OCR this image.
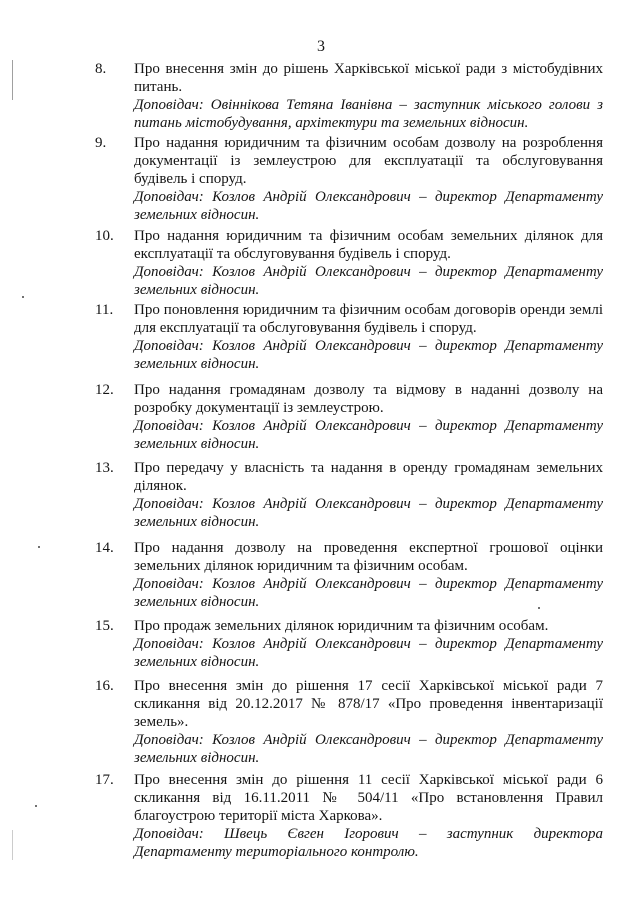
3
8.	Про внесення змін до рішень Харківської міської ради з містобудівних питань.
Доповідач: Овіннікова Тетяна Іванівна – заступник міського голови з питань містобудування, архітектури та земельних відносин.
9.	Про надання юридичним та фізичним особам дозволу на розроблення документації із землеустрою для експлуатації та обслуговування будівель і споруд.
Доповідач: Козлов Андрій Олександрович – директор Департаменту земельних відносин.
10.	Про надання юридичним та фізичним особам земельних ділянок для експлуатації та обслуговування будівель і споруд.
Доповідач: Козлов Андрій Олександрович – директор Департаменту земельних відносин.
11.	Про поновлення юридичним та фізичним особам договорів оренди землі для експлуатації та обслуговування будівель і споруд.
Доповідач: Козлов Андрій Олександрович – директор Департаменту земельних відносин.
12.	Про надання громадянам дозволу та відмову в наданні дозволу на розробку документації із землеустрою.
Доповідач: Козлов Андрій Олександрович – директор Департаменту земельних відносин.
13.	Про передачу у власність та надання в оренду громадянам земельних ділянок.
Доповідач: Козлов Андрій Олександрович – директор Департаменту земельних відносин.
14.	Про надання дозволу на проведення експертної грошової оцінки земельних ділянок юридичним та фізичним особам.
Доповідач: Козлов Андрій Олександрович – директор Департаменту земельних відносин.
15.	Про продаж земельних ділянок юридичним та фізичним особам.
Доповідач: Козлов Андрій Олександрович – директор Департаменту земельних відносин.
16.	Про внесення змін до рішення 17 сесії Харківської міської ради 7 скликання від 20.12.2017 № 878/17 «Про проведення інвентаризації земель».
Доповідач: Козлов Андрій Олександрович – директор Департаменту земельних відносин.
17.	Про внесення змін до рішення 11 сесії Харківської міської ради 6 скликання від 16.11.2011 № 504/11 «Про встановлення Правил благоустрою території міста Харкова».
Доповідач: Швець Євген Ігорович – заступник директора Департаменту територіального контролю.
